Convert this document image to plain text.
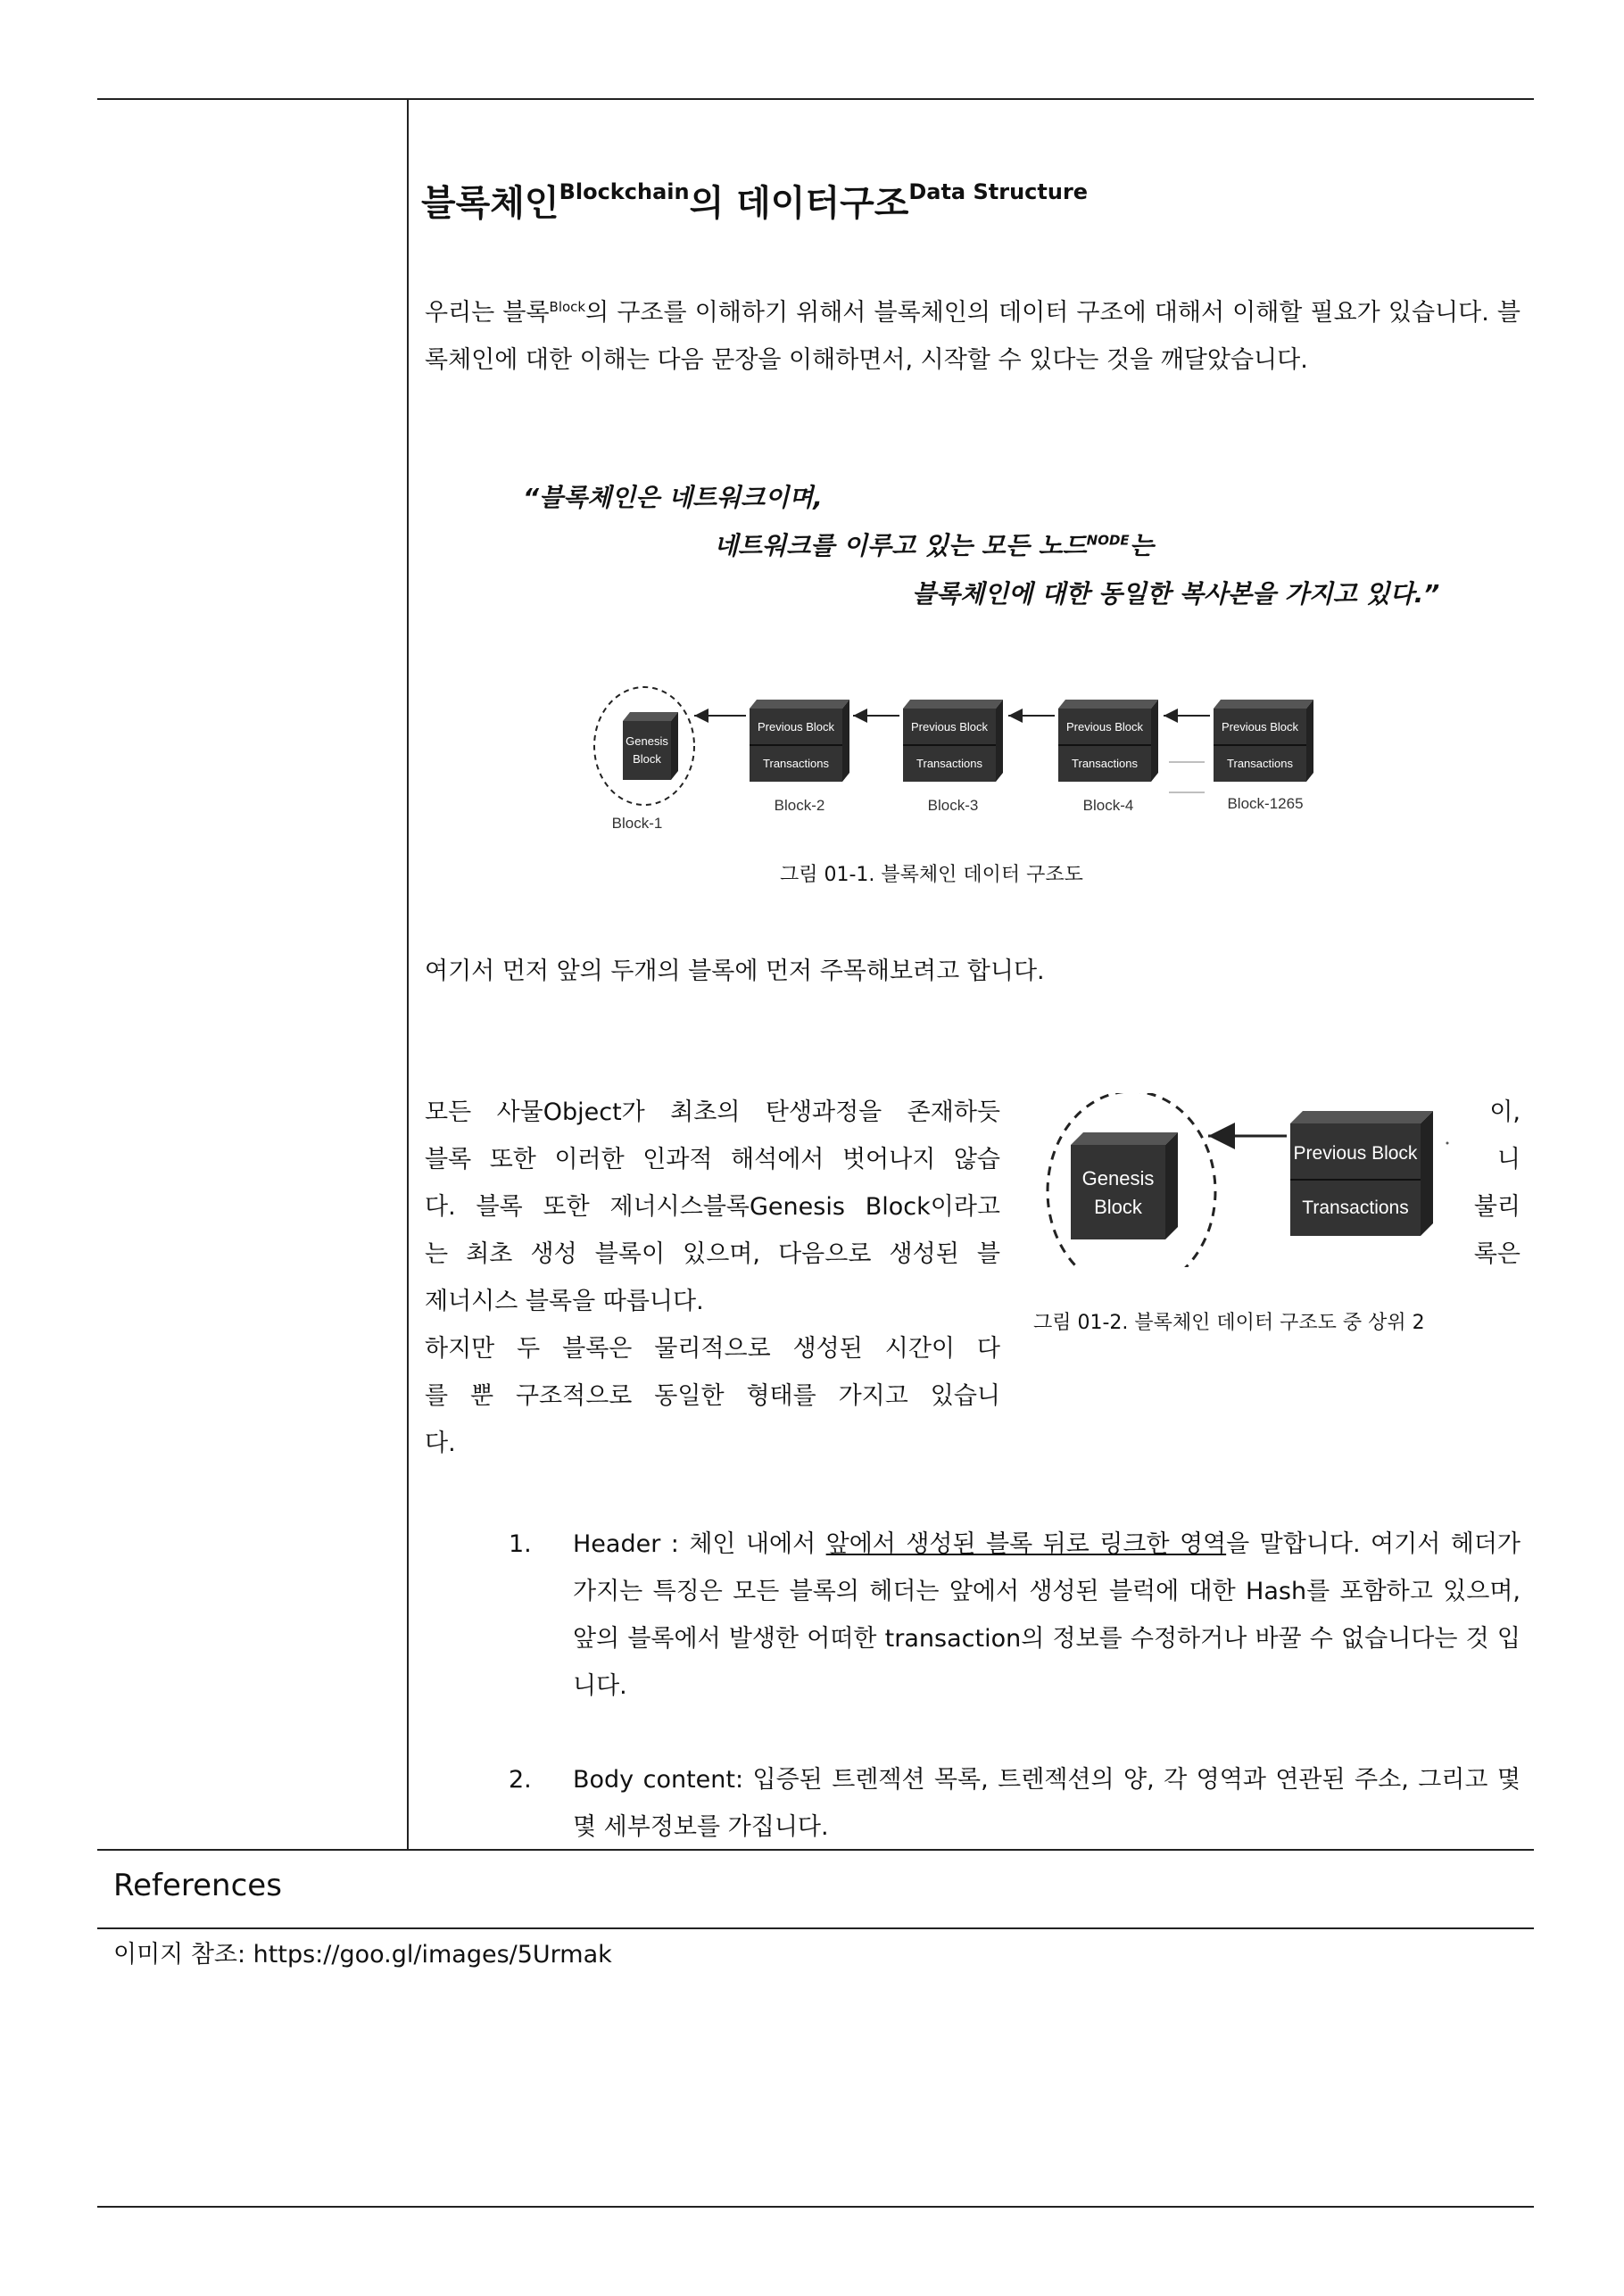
블록체인$^{Blockchain}$의 데이터구조$^{Data Structure}$
우리는 블록$^{Block}$의 구조를 이해하기 위해서 블록체인의 데이터 구조에 대해서 이해할 필요가 있습니다. 블록체인에 대한 이해는 다음 문장을 이해하면서, 시작할 수 있다는 것을 깨달았습니다.
“블록체인은 네트워크이며,
네트워크를 이루고 있는 모든 노드$^{NODE}$는
블록체인에 대한 동일한 복사본을 가지고 있다.”
Genesis
Block
Previous Block
Transactions
Previous Block
Transactions
Previous Block
Transactions
Previous Block
Transactions
Block-1
Block-2	Block-3	Block-4	Block-1265
그림 01-1. 블록체인 데이터 구조도
여기서 먼저 앞의 두개의 블록에 먼저 주목해보려고 합니다.
모든 사물Object가 최초의 탄생과정을 존재하듯
블록 또한 이러한 인과적 해석에서 벗어나지 않습
다. 블록 또한 제너시스블록Genesis Block이라고
는 최초 생성 블록이 있으며, 다음으로 생성된 블
제너시스 블록을 따릅니다.
하지만 두 블록은 물리적으로 생성된 시간이 다
를 뿐 구조적으로 동일한 형태를 가지고 있습니
다.
이,
니
불리
록은
Genesis
Block
Previous Block
Transactions
그림 01-2. 블록체인 데이터 구조도 중 상위 2
1. Header : 체인 내에서 앞에서 생성된 블록 뒤로 링크한 영역을 말합니다. 여기서 헤더가 가지는 특징은 모든 블록의 헤더는 앞에서 생성된 블럭에 대한 Hash를 포함하고 있으며, 앞의 블록에서 발생한 어떠한 transaction의 정보를 수정하거나 바꿀 수 없습니다는 것 입니다.
2. Body content: 입증된 트렌젝션 목록, 트렌젝션의 양, 각 영역과 연관된 주소, 그리고 몇몇 세부정보를 가집니다.
References
이미지 참조: https://goo.gl/images/5Urmak
